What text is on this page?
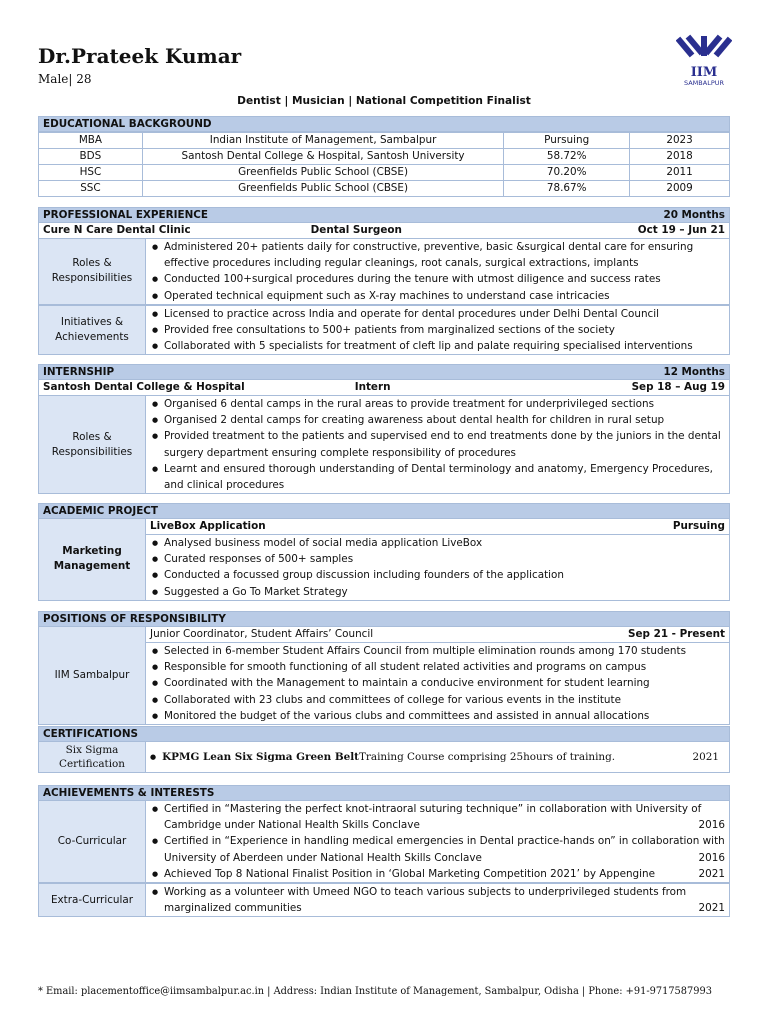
Dr.Prateek Kumar
Male| 28	IIM
SAMBALPUR
Dentist | Musician | National Competition Finalist
EDUCATIONAL BACKGROUND
MBA	Indian Institute of Management, Sambalpur	Pursuing	2023
BDS	Santosh Dental College & Hospital, Santosh University	58.72%	2018
HSC	Greenfields Public School (CBSE)	70.20%	2011
SSC	Greenfields Public School (CBSE)	78.67%	2009
PROFESSIONAL EXPERIENCE	20 Months
Cure N Care Dental Clinic	Dental Surgeon	Oct 19 – Jun 21
Roles & Responsibilities
● Administered 20+ patients daily for constructive, preventive, basic &surgical dental care for ensuring effective procedures including regular cleanings, root canals, surgical extractions, implants
● Conducted 100+surgical procedures during the tenure with utmost diligence and success rates
● Operated technical equipment such as X-ray machines to understand case intricacies
Initiatives & Achievements
● Licensed to practice across India and operate for dental procedures under Delhi Dental Council
● Provided free consultations to 500+ patients from marginalized sections of the society
● Collaborated with 5 specialists for treatment of cleft lip and palate requiring specialised interventions
INTERNSHIP	12 Months
Santosh Dental College & Hospital	Intern	Sep 18 – Aug 19
Roles & Responsibilities
● Organised 6 dental camps in the rural areas to provide treatment for underprivileged sections
● Organised 2 dental camps for creating awareness about dental health for children in rural setup
● Provided treatment to the patients and supervised end to end treatments done by the juniors in the dental surgery department ensuring complete responsibility of procedures
● Learnt and ensured thorough understanding of Dental terminology and anatomy, Emergency Procedures, and clinical procedures
ACADEMIC PROJECT
Marketing Management
LiveBox Application	Pursuing
● Analysed business model of social media application LiveBox
● Curated responses of 500+ samples
● Conducted a focussed group discussion including founders of the application
● Suggested a Go To Market Strategy
POSITIONS OF RESPONSIBILITY
IIM Sambalpur
Junior Coordinator, Student Affairs’ Council	Sep 21 - Present
● Selected in 6-member Student Affairs Council from multiple elimination rounds among 170 students
● Responsible for smooth functioning of all student related activities and programs on campus
● Coordinated with the Management to maintain a conducive environment for student learning
● Collaborated with 23 clubs and committees of college for various events in the institute
● Monitored the budget of the various clubs and committees and assisted in annual allocations
CERTIFICATIONS
Six Sigma Certification
● KPMG Lean Six Sigma Green Belt Training Course comprising 25hours of training.	2021
ACHIEVEMENTS & INTERESTS
Co-Curricular
● Certified in “Mastering the perfect knot-intraoral suturing technique” in collaboration with University of Cambridge under National Health Skills Conclave	2016
● Certified in “Experience in handling medical emergencies in Dental practice-hands on” in collaboration with University of Aberdeen under National Health Skills Conclave	2016
● Achieved Top 8 National Finalist Position in ‘Global Marketing Competition 2021’ by Appengine	2021
Extra-Curricular
● Working as a volunteer with Umeed NGO to teach various subjects to underprivileged students from marginalized communities	2021
* Email: placementoffice@iimsambalpur.ac.in | Address: Indian Institute of Management, Sambalpur, Odisha | Phone: +91-9717587993
